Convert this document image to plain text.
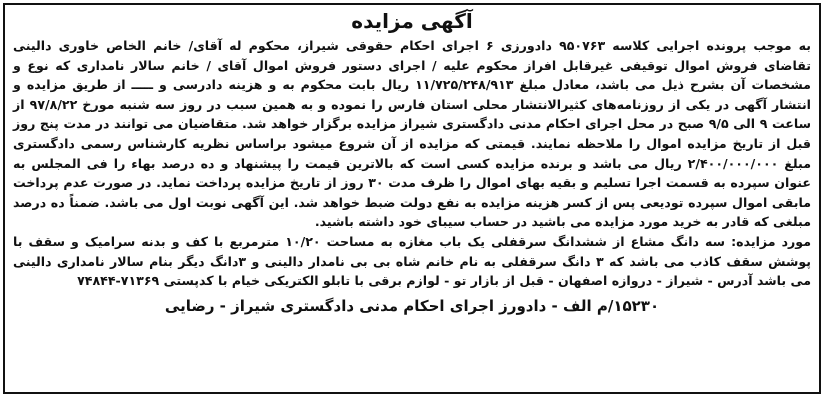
آگهی مزایده

به موجب پرونده اجرایی کلاسه ۹۵۰۷۶۳ دادورزی ۶ اجرای احکام حقوقی شیراز، محکوم له آقای/ خانم الخاص خاوری دالینی تقاضای فروش اموال توقیفی غیرقابل افراز محکوم علیه / اجرای دستور فروش اموال آقای / خانم سالار نامداری که نوع و مشخصات آن بشرح ذیل می باشد، معادل مبلغ ۱۱/۷۲۵/۲۴۸/۹۱۳ ریال بابت محکوم به و هزینه دادرسی و ـــــ از طریق مزایده و انتشار آگهی در یکی از روزنامه‌های کثیرالانتشار محلی استان فارس را نموده و به همین سبب در روز سه شنبه مورخ ۹۷/۸/۲۲ از ساعت ۹ الی ۹/۵ صبح در محل اجرای احکام مدنی دادگستری شیراز مزایده برگزار خواهد شد. متقاضیان می توانند در مدت پنج روز قبل از تاریخ مزایده اموال را ملاحظه نمایند. قیمتی که مزایده از آن شروع میشود براساس نظریه کارشناس رسمی دادگستری مبلغ ۲/۴۰۰/۰۰۰/۰۰۰ ریال می باشد و برنده مزایده کسی است که بالاترین قیمت را پیشنهاد و ده درصد بهاء را فی المجلس به عنوان سپرده به قسمت اجرا تسلیم و بقیه بهای اموال را ظرف مدت ۳۰ روز از تاریخ مزایده پرداخت نماید. در صورت عدم پرداخت مابقی اموال سپرده تودیعی پس از کسر هزینه مزایده به نفع دولت ضبط خواهد شد. این آگهی نوبت اول می باشد. ضمناً ده درصد مبلغی که قادر به خرید مورد مزایده می باشید در حساب سیبای خود داشته باشید.

مورد مزایده: سه دانگ مشاع از ششدانگ سرقفلی یک باب مغازه به مساحت ۱۰/۲۰ مترمربع با کف و بدنه سرامیک و سقف با پوشش سقف کاذب می باشد که ۳ دانگ سرقفلی به نام خانم شاه بی بی نامدار دالینی و ۳دانگ دیگر بنام سالار نامداری دالینی می باشد آدرس - شیراز - دروازه اصفهان - قبل از بازار تو - لوازم برقی با تابلو الکتریکی خیام با کدپستی ۷۱۳۶۹-۷۴۸۴۴

۱۵۲۳۰/م الف - دادورز اجرای احکام مدنی دادگستری شیراز - رضایی
